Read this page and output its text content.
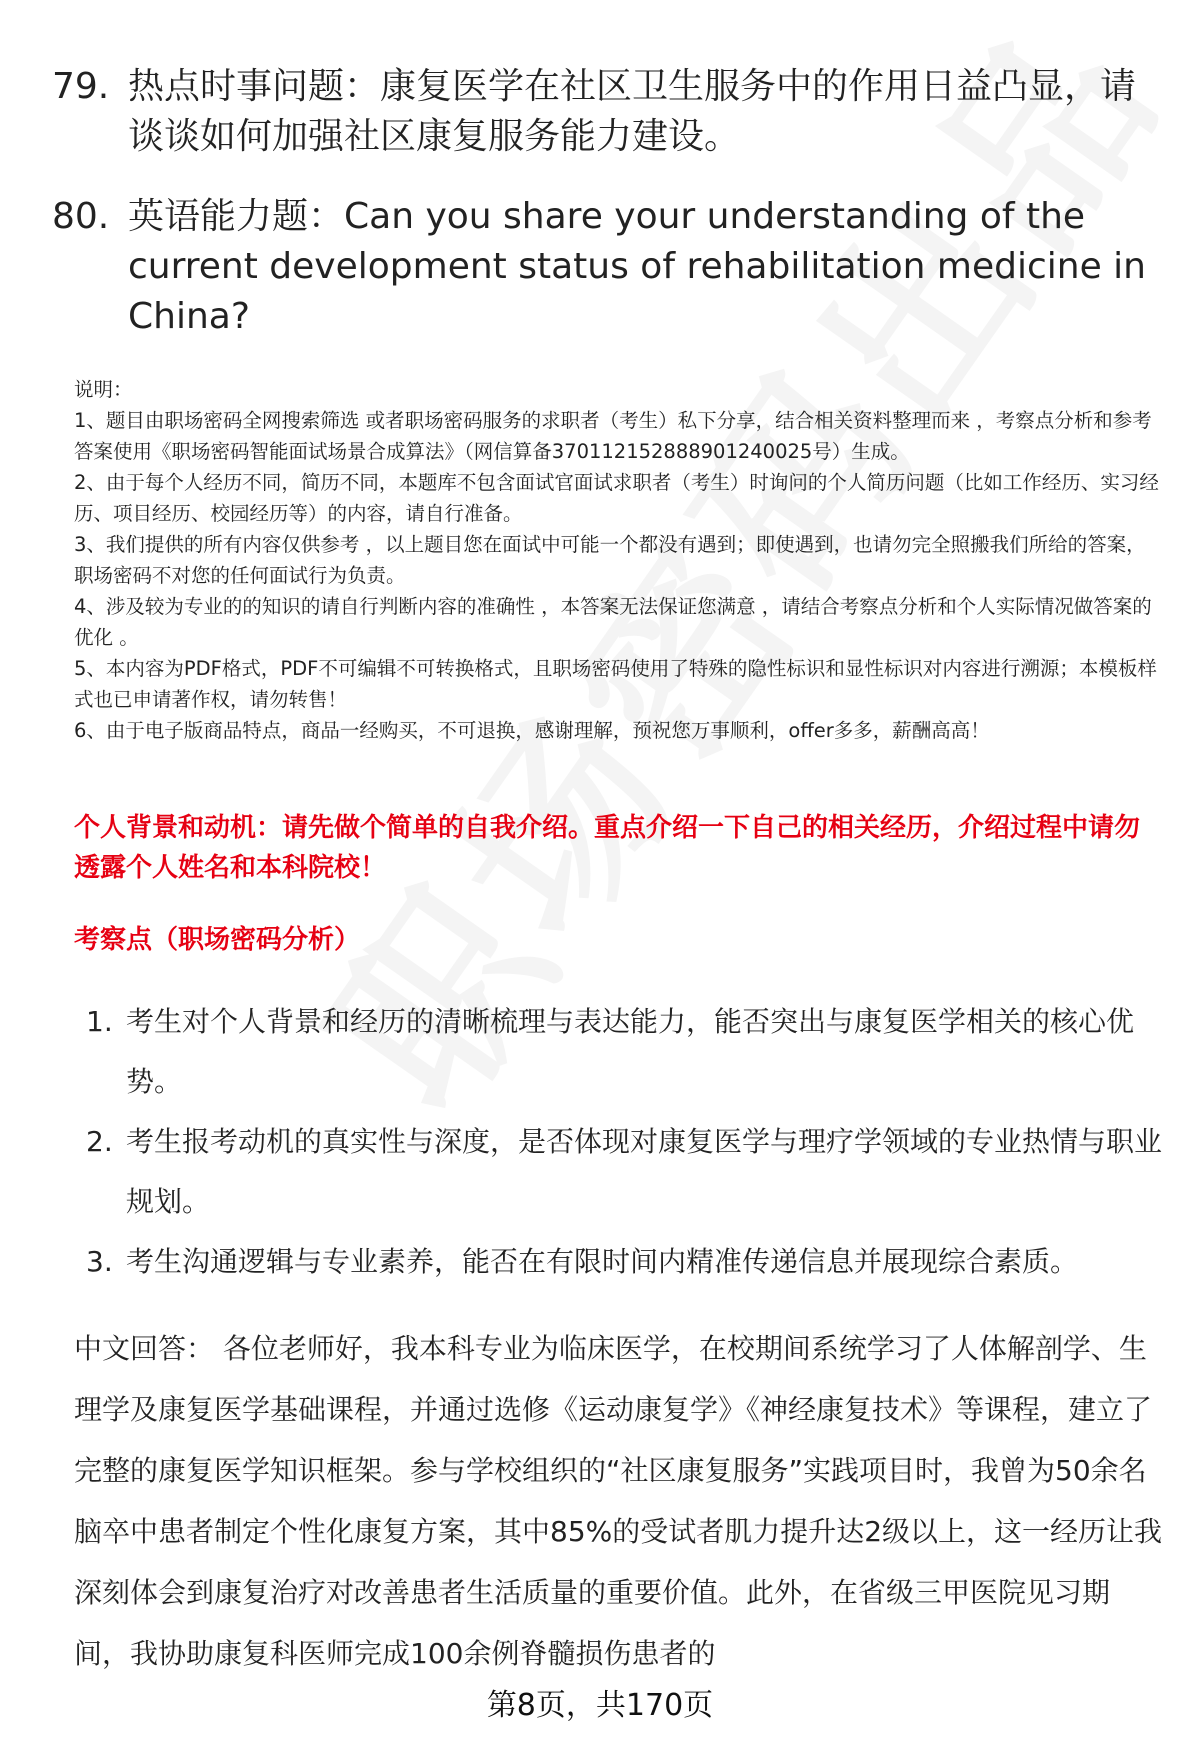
79. 热点时事问题：康复医学在社区卫生服务中的作用日益凸显，请谈谈如何加强社区康复服务能力建设。
80. 英语能力题：Can you share your understanding of the current development status of rehabilitation medicine in China?

说明：

1、题目由职场密码全网搜索筛选 或者职场密码服务的求职者（考生）私下分享，结合相关资料整理而来 ，考察点分析和参考答案使用《职场密码智能面试场景合成算法》（网信算备370112152888901240025号）生成。

2、由于每个人经历不同，简历不同，本题库不包含面试官面试求职者（考生）时询问的个人简历问题（比如工作经历、实习经历、项目经历、校园经历等）的内容，请自行准备。

3、我们提供的所有内容仅供参考 ，以上题目您在面试中可能一个都没有遇到；即使遇到，也请勿完全照搬我们所给的答案，职场密码不对您的任何面试行为负责。

4、涉及较为专业的的知识的请自行判断内容的准确性 ，本答案无法保证您满意 ，请结合考察点分析和个人实际情况做答案的优化 。

5、本内容为PDF格式，PDF不可编辑不可转换格式，且职场密码使用了特殊的隐性标识和显性标识对内容进行溯源；本模板样式也已申请著作权，请勿转售！

6、由于电子版商品特点，商品一经购买，不可退换，感谢理解，预祝您万事顺利，offer多多，薪酬高高！

个人背景和动机：请先做个简单的自我介绍。重点介绍一下自己的相关经历，介绍过程中请勿透露个人姓名和本科院校！
考察点（职场密码分析）
1. 考生对个人背景和经历的清晰梳理与表达能力，能否突出与康复医学相关的核心优势。
2. 考生报考动机的真实性与深度，是否体现对康复医学与理疗学领域的专业热情与职业规划。
3. 考生沟通逻辑与专业素养，能否在有限时间内精准传递信息并展现综合素质。

中文回答： 各位老师好，我本科专业为临床医学，在校期间系统学习了人体解剖学、生理学及康复医学基础课程，并通过选修《运动康复学》《神经康复技术》等课程，建立了完整的康复医学知识框架。参与学校组织的“社区康复服务”实践项目时，我曾为50余名脑卒中患者制定个性化康复方案，其中85%的受试者肌力提升达2级以上，这一经历让我深刻体会到康复治疗对改善患者生活质量的重要价值。此外，在省级三甲医院见习期间，我协助康复科医师完成100余例脊髓损伤患者的

第8页，共170页
